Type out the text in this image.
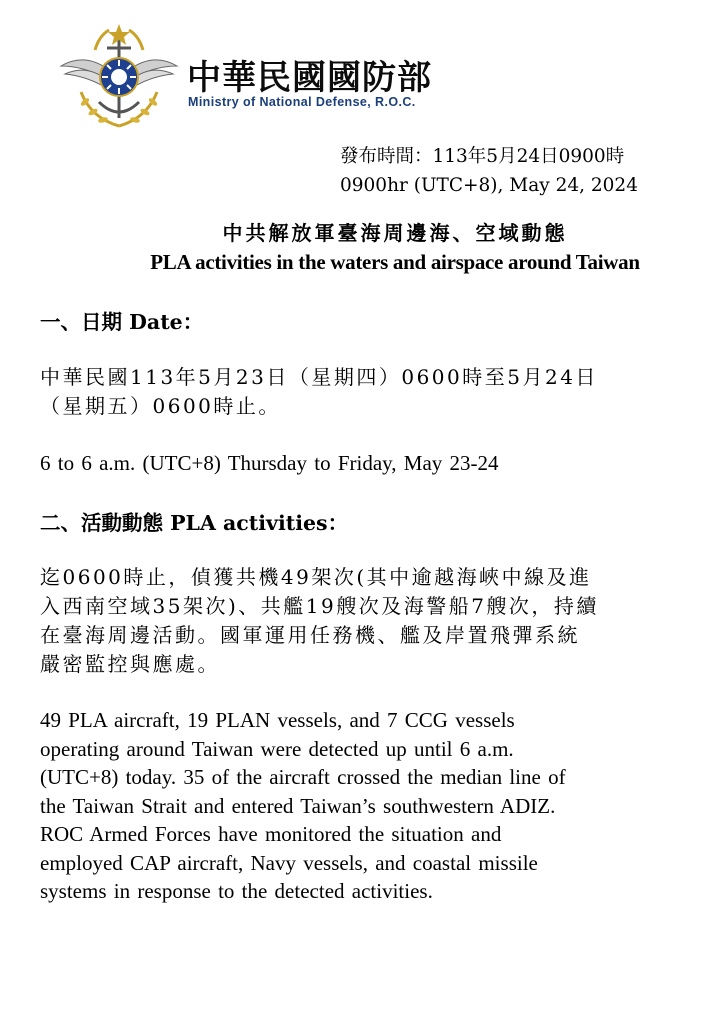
中華民國國防部
Ministry of National Defense, R.O.C.
發布時間：113年5月24日0900時
0900hr (UTC+8), May 24, 2024
中共解放軍臺海周邊海、空域動態
PLA activities in the waters and airspace around Taiwan
一、日期 Date：
中華民國113年5月23日（星期四）0600時至5月24日
（星期五）0600時止。
6 to 6 a.m. (UTC+8) Thursday to Friday, May 23-24
二、活動動態 PLA activities：
迄0600時止，偵獲共機49架次(其中逾越海峽中線及進
入西南空域35架次)、共艦19艘次及海警船7艘次，持續
在臺海周邊活動。國軍運用任務機、艦及岸置飛彈系統
嚴密監控與應處。
49 PLA aircraft, 19 PLAN vessels, and 7 CCG vessels
operating around Taiwan were detected up until 6 a.m.
(UTC+8) today. 35 of the aircraft crossed the median line of
the Taiwan Strait and entered Taiwan’s southwestern ADIZ.
ROC Armed Forces have monitored the situation and
employed CAP aircraft, Navy vessels, and coastal missile
systems in response to the detected activities.
